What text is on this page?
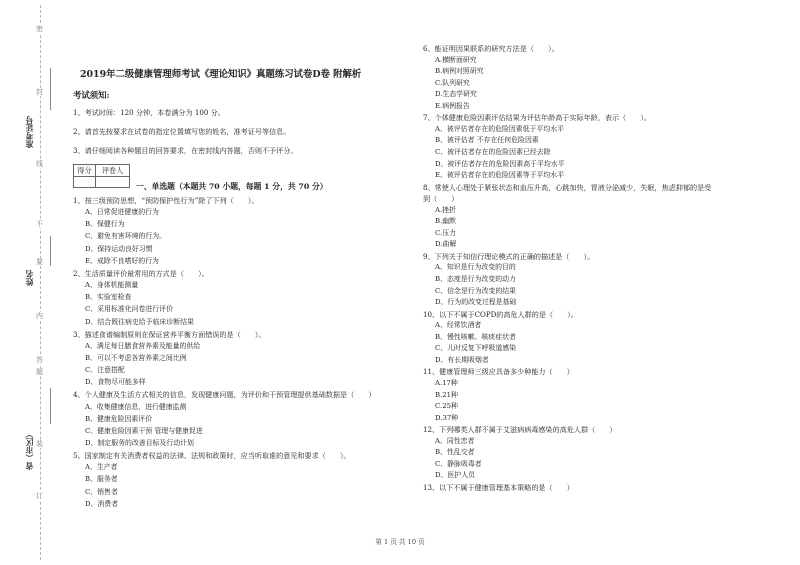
密
封
线
不
要
内
答
题
装
订
准考证号
姓名
省（市区）
2019年二级健康管理师考试《理论知识》真题练习试卷D卷 附解析
考试须知:
1、考试时间：120 分钟，本卷满分为 100 分。
2、请首先按要求在试卷的指定位置填写您的姓名，准考证号等信息。
3、请仔细阅读各种题目的回答要求，在密封线内答题，否则不予评分。
得分	评卷人
一、单选题（本题共 70 小题，每题 1 分，共 70 分）
1、按三级预防思想，“预防保护性行为”除了下列（　　）。
A、日常促进健康的行为
B、保健行为
C、避免有害环境的行为。
D、保持运动良好习惯
E、戒除不良嗜好的行为
2、生活质量评价最常用的方式是（　　）。
A、身体机能测量
B、实验室检查
C、采用标准化问卷进行评价
D、结合既往病史给予临床诊断结果
3、描述食谱编制原则在保证营养平衡方面错误的是（　　）。
A、满足每日膳食营养素及能量的供给
B、可以不考虑各营养素之间比例
C、注意搭配
D、食物尽可能多样
4、个人健康及生活方式相关的信息，发现健康问题，为评价和干预管理提供基础数据是（　　）
A、收集健康信息，进行健康监测
B、健康危险因素评价
C、健康危险因素干预 管理与健康促进
D、制定服务的改善目标及行动计划
5、国家制定有关消费者权益的法律、法规和政策时，应当听取谁的意见和要求（　　）。
A、生产者
B、服务者
C、销售者
D、消费者
6、能证明因果联系的研究方法是（　　）。
A.横断面研究
B.病例对照研究
C.队列研究
D.生态学研究
E.病例报告
7、个体健康危险因素评估结果为评估年龄高于实际年龄，表示（　　）。
A、被评估者存在的危险因素低于平均水平
B、被评估者 不存在任何危险因素
C、被评估者存在的危险因素已经去除
D、被评估者存在的危险因素高于平均水平
E、被评估者存在的危险因素等于平均水平
8、常使人心理处于紧张状态和血压升高，心跳加快，胃液分泌减少，失眠，焦虑抑郁的是受
到（　　）
A.挫折
B.幽默
C.压力
D.曲解
9、下列关于知信行理论模式的正确的描述是（　　）。
A、知识是行为改变的目的
B、态度是行为改变的动力
C、信念是行为改变的结果
D、行为的改变过程是基础
10、以下不属于COPD的高危人群的是（　　）。
A、经常饮酒者
B、慢性咳嗽、咳痰症状者
C、儿时反复下呼吸道感染
D、有长期吸烟者
11、健康管理师三级应具备多少种能力（　　）
A.17种
B.21种
C.25种
D.37种
12、下列哪类人群不属于艾滋病病毒感染的高危人群（　　）
A、同性恋者
B、性乱交者
C、静脉吸毒者
D、医护人员
13、以下不属于健康管理基本策略的是（　　）
第 1 页 共 10 页
